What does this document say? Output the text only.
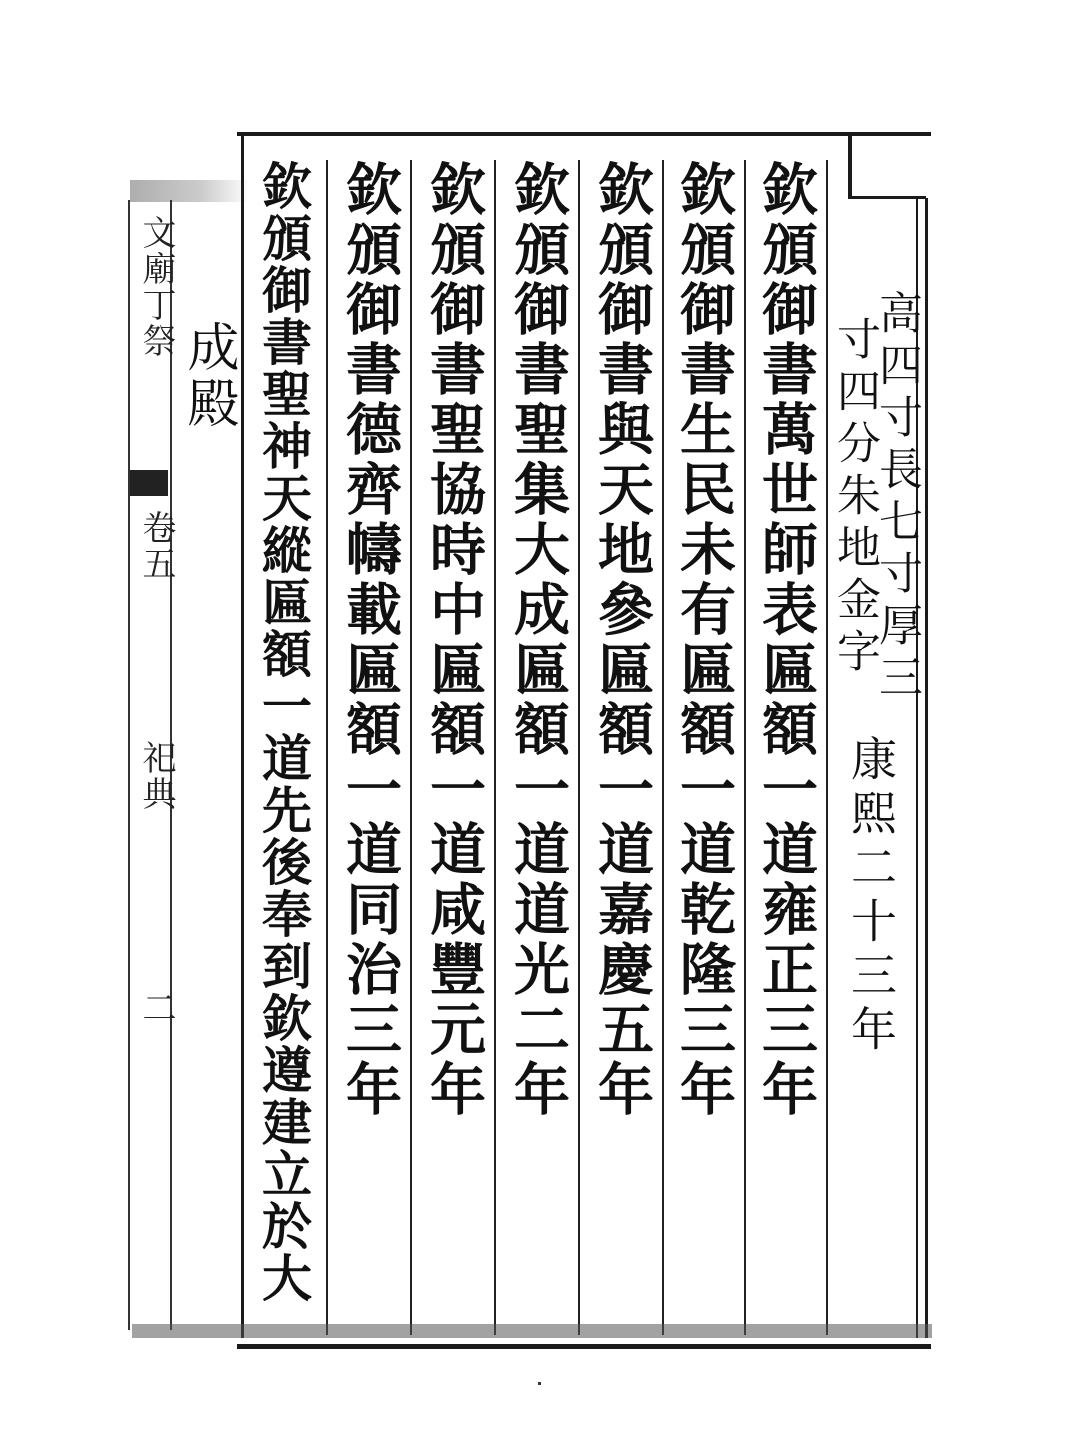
文廟丁祭
卷五
祀典
二
成殿	高四寸長七寸厚三
寸四分朱地金字
康熙二十三年
欽頒御書萬世師表匾額一道雍正三年
欽頒御書生民未有匾額一道乾隆三年
欽頒御書與天地參匾額一道嘉慶五年
欽頒御書聖集大成匾額一道道光二年
欽頒御書聖協時中匾額一道咸豐元年
欽頒御書德齊幬載匾額一道同治三年
欽頒御書聖神天縱匾額一道先後奉到欽遵建立於大
